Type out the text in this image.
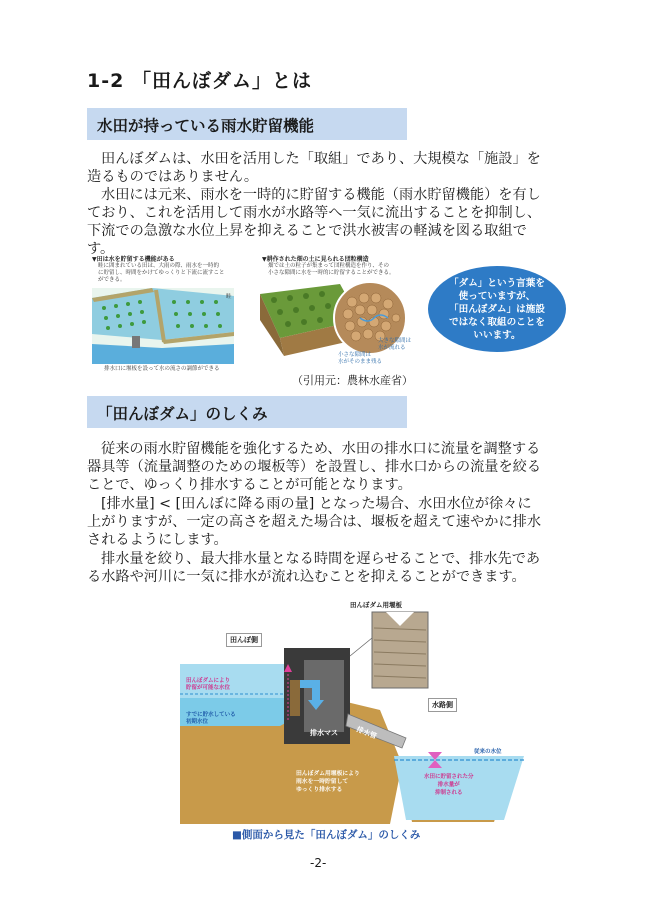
1-2 「田んぼダム」とは
水田が持っている雨水貯留機能
田んぼダムは、水田を活用した「取組」であり、大規模な「施設」を
造るものではありません。
水田には元来、雨水を一時的に貯留する機能（雨水貯留機能）を有し
ており、これを活用して雨水が水路等へ一気に流出することを抑制し、
下流での急激な水位上昇を抑えることで洪水被害の軽減を図る取組で
す。
▼田は水を貯留する機能がある
畦に囲まれている田は、大雨の際、雨水を一時的
に貯留し、時間をかけてゆっくりと下流に流すこと
ができる。
畦
排水口に堰板を設って水の流さの調節ができる
▼耕作された畑の土に見られる団粒構造
畑では土の粒子が集まって団粒構造を作り、その
小さな隙間に水を一時的に貯留することができる。
大きな隙間は
水が流れる
小さな隙間は
水がそのまま残る
「ダム」という言葉を
使っていますが、
「田んぼダム」は施設
ではなく取組のことを
いいます。
（引用元：農林水産省）
「田んぼダム」のしくみ
従来の雨水貯留機能を強化するため、水田の排水口に流量を調整する
器具等（流量調整のための堰板等）を設置し、排水口からの流量を絞る
ことで、ゆっくり排水することが可能となります。
[排水量] < [田んぼに降る雨の量] となった場合、水田水位が徐々に
上がりますが、一定の高さを超えた場合は、堰板を超えて速やかに排水
されるようにします。
排水量を絞り、最大排水量となる時間を遅らせることで、排水先であ
る水路や河川に一気に排水が流れ込むことを抑えることができます。
田んぼダム用堰板
田んぼ側
水路側
田んぼダムにより
貯留が可能な水位
すでに貯水している
初期水位
排水マス 排水管
田んぼダム用堰板により
雨水を一時貯留して
ゆっくり排水する
従来の水位
水田に貯留された分
排水量が
抑制される
■側面から見た「田んぼダム」のしくみ
-2-
